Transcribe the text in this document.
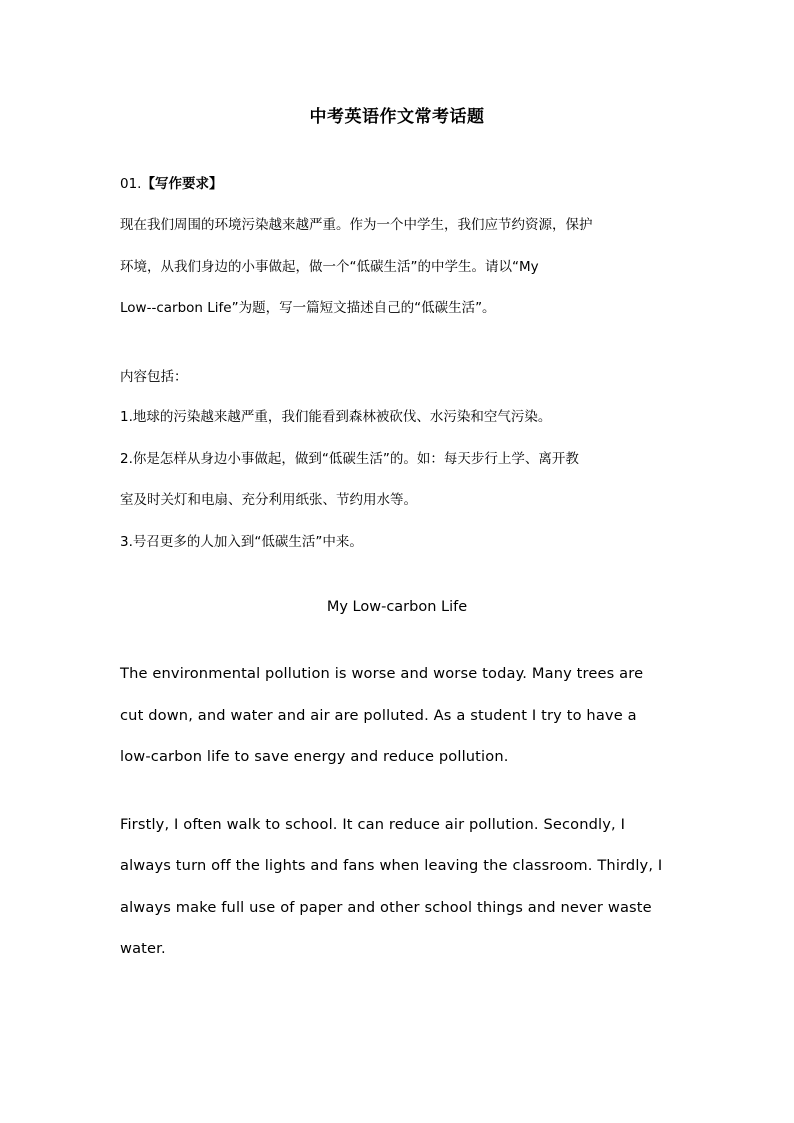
中考英语作文常考话题
01.【写作要求】
现在我们周围的环境污染越来越严重。作为一个中学生，我们应节约资源，保护
环境，从我们身边的小事做起，做一个“低碳生活”的中学生。请以“My
Low--carbon Life”为题，写一篇短文描述自己的“低碳生活”。
内容包括：
1.地球的污染越来越严重，我们能看到森林被砍伐、水污染和空气污染。
2.你是怎样从身边小事做起，做到“低碳生活”的。如：每天步行上学、离开教
室及时关灯和电扇、充分利用纸张、节约用水等。
3.号召更多的人加入到“低碳生活”中来。
My Low-carbon Life
The environmental pollution is worse and worse today. Many trees are
cut down, and water and air are polluted. As a student I try to have a
low-carbon life to save energy and reduce pollution.
Firstly, I often walk to school. It can reduce air pollution. Secondly, I
always turn off the lights and fans when leaving the classroom. Thirdly, I
always make full use of paper and other school things and never waste
water.
